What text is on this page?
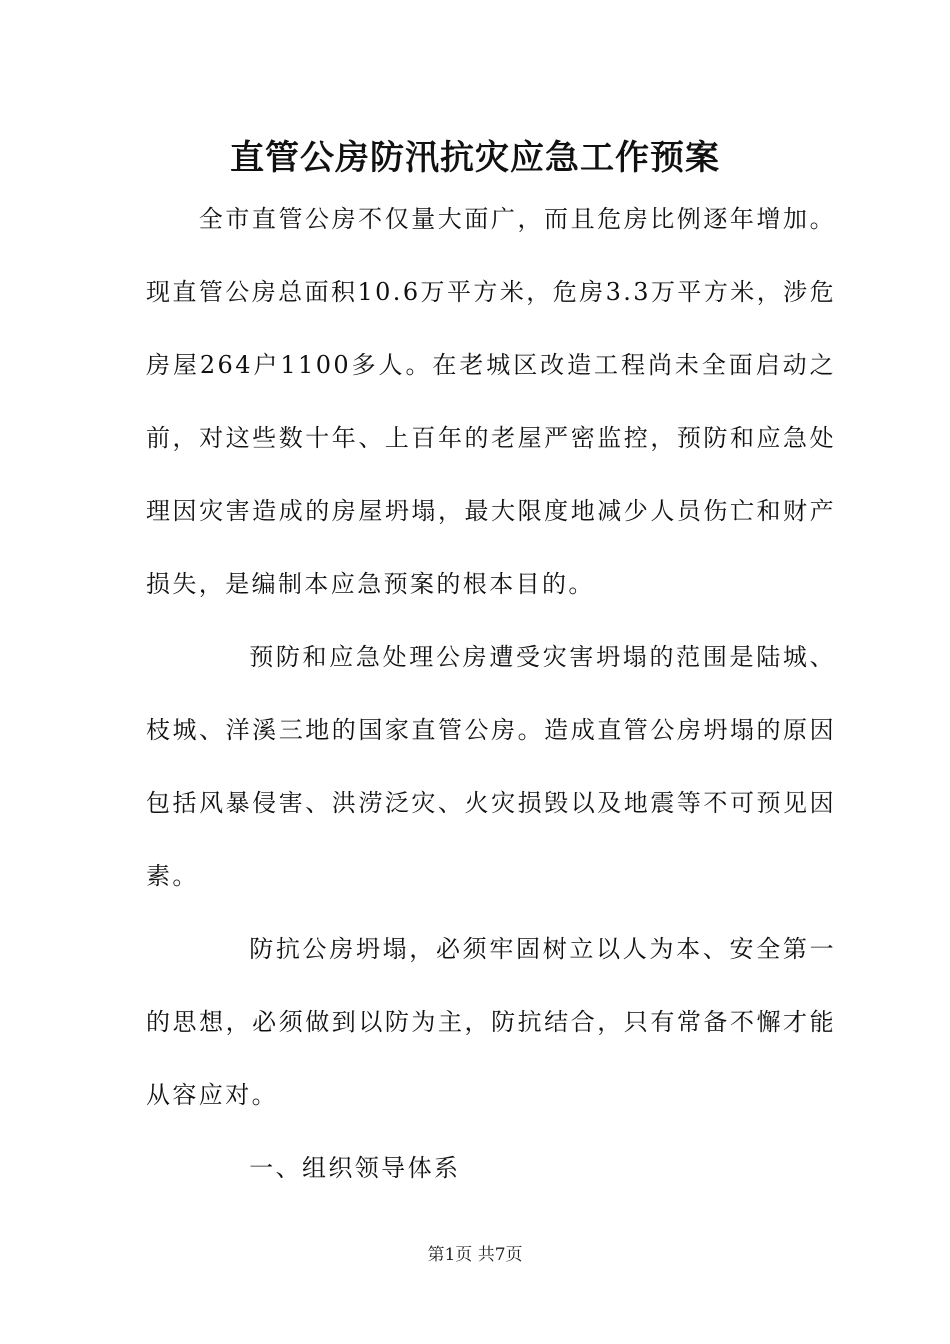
直管公房防汛抗灾应急工作预案

全市直管公房不仅量大面广，而且危房比例逐年增加。现直管公房总面积10.6万平方米，危房3.3万平方米，涉危房屋264户1100多人。在老城区改造工程尚未全面启动之前，对这些数十年、上百年的老屋严密监控，预防和应急处理因灾害造成的房屋坍塌，最大限度地减少人员伤亡和财产损失，是编制本应急预案的根本目的。

预防和应急处理公房遭受灾害坍塌的范围是陆城、枝城、洋溪三地的国家直管公房。造成直管公房坍塌的原因包括风暴侵害、洪涝泛灾、火灾损毁以及地震等不可预见因素。

防抗公房坍塌，必须牢固树立以人为本、安全第一的思想，必须做到以防为主，防抗结合，只有常备不懈才能从容应对。

一、组织领导体系

第1页 共7页
